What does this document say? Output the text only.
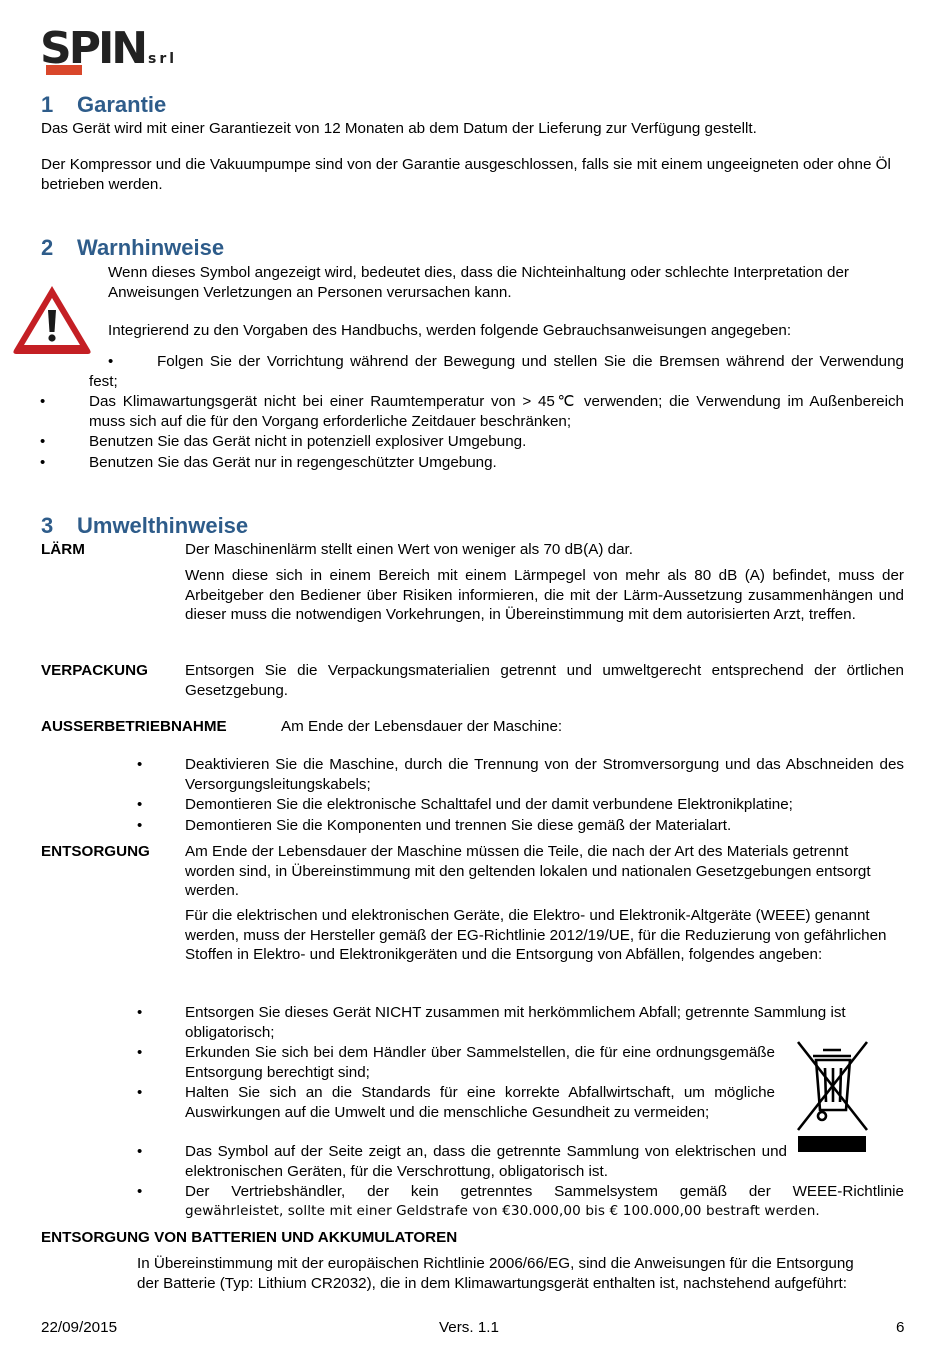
SPIN srl
1 Garantie
Das Gerät wird mit einer Garantiezeit von 12 Monaten ab dem Datum der Lieferung zur Verfügung gestellt.
Der Kompressor und die Vakuumpumpe sind von der Garantie ausgeschlossen, falls sie mit einem ungeeigneten oder ohne Öl betrieben werden.
2 Warnhinweise
Wenn dieses Symbol angezeigt wird, bedeutet dies, dass die Nichteinhaltung oder schlechte Interpretation der Anweisungen Verletzungen an Personen verursachen kann.
Integrierend zu den Vorgaben des Handbuchs, werden folgende Gebrauchsanweisungen angegeben:
•	Folgen Sie der Vorrichtung während der Bewegung und stellen Sie die Bremsen während der Verwendung fest;
•	Das Klimawartungsgerät nicht bei einer Raumtemperatur von > 45℃ verwenden; die Verwendung im Außenbereich muss sich auf die für den Vorgang erforderliche Zeitdauer beschränken;
•	Benutzen Sie das Gerät nicht in potenziell explosiver Umgebung.
•	Benutzen Sie das Gerät nur in regengeschützter Umgebung.
3 Umwelthinweise
LÄRM	Der Maschinenlärm stellt einen Wert von weniger als 70 dB(A) dar.
Wenn diese sich in einem Bereich mit einem Lärmpegel von mehr als 80 dB (A) befindet, muss der Arbeitgeber den Bediener über Risiken informieren, die mit der Lärm-Aussetzung zusammenhängen und dieser muss die notwendigen Vorkehrungen, in Übereinstimmung mit dem autorisierten Arzt, treffen.
VERPACKUNG Entsorgen Sie die Verpackungsmaterialien getrennt und umweltgerecht entsprechend der örtlichen Gesetzgebung.
AUSSERBETRIEBNAHME	Am Ende der Lebensdauer der Maschine:
•	Deaktivieren Sie die Maschine, durch die Trennung von der Stromversorgung und das Abschneiden des Versorgungsleitungskabels;
•	Demontieren Sie die elektronische Schalttafel und der damit verbundene Elektronikplatine;
•	Demontieren Sie die Komponenten und trennen Sie diese gemäß der Materialart.
ENTSORGUNG Am Ende der Lebensdauer der Maschine müssen die Teile, die nach der Art des Materials getrennt worden sind, in Übereinstimmung mit den geltenden lokalen und nationalen Gesetzgebungen entsorgt werden.
Für die elektrischen und elektronischen Geräte, die Elektro- und Elektronik-Altgeräte (WEEE) genannt werden, muss der Hersteller gemäß der EG-Richtlinie 2012/19/UE, für die Reduzierung von gefährlichen Stoffen in Elektro- und Elektronikgeräten und die Entsorgung von Abfällen, folgendes angeben:
•	Entsorgen Sie dieses Gerät NICHT zusammen mit herkömmlichem Abfall; getrennte Sammlung ist obligatorisch;
•	Erkunden Sie sich bei dem Händler über Sammelstellen, die für eine ordnungsgemäße Entsorgung berechtigt sind;
•	Halten Sie sich an die Standards für eine korrekte Abfallwirtschaft, um mögliche Auswirkungen auf die Umwelt und die menschliche Gesundheit zu vermeiden;
•	Das Symbol auf der Seite zeigt an, dass die getrennte Sammlung von elektrischen und elektronischen Geräten, für die Verschrottung, obligatorisch ist.
•	Der Vertriebshändler, der kein getrenntes Sammelsystem gemäß der WEEE-Richtlinie
gewährleistet, sollte mit einer Geldstrafe von €30.000,00 bis € 100.000,00 bestraft werden.
ENTSORGUNG VON BATTERIEN UND AKKUMULATOREN
In Übereinstimmung mit der europäischen Richtlinie 2006/66/EG, sind die Anweisungen für die Entsorgung der Batterie (Typ: Lithium CR2032), die in dem Klimawartungsgerät enthalten ist, nachstehend aufgeführt:
22/09/2015	Vers. 1.1	6
